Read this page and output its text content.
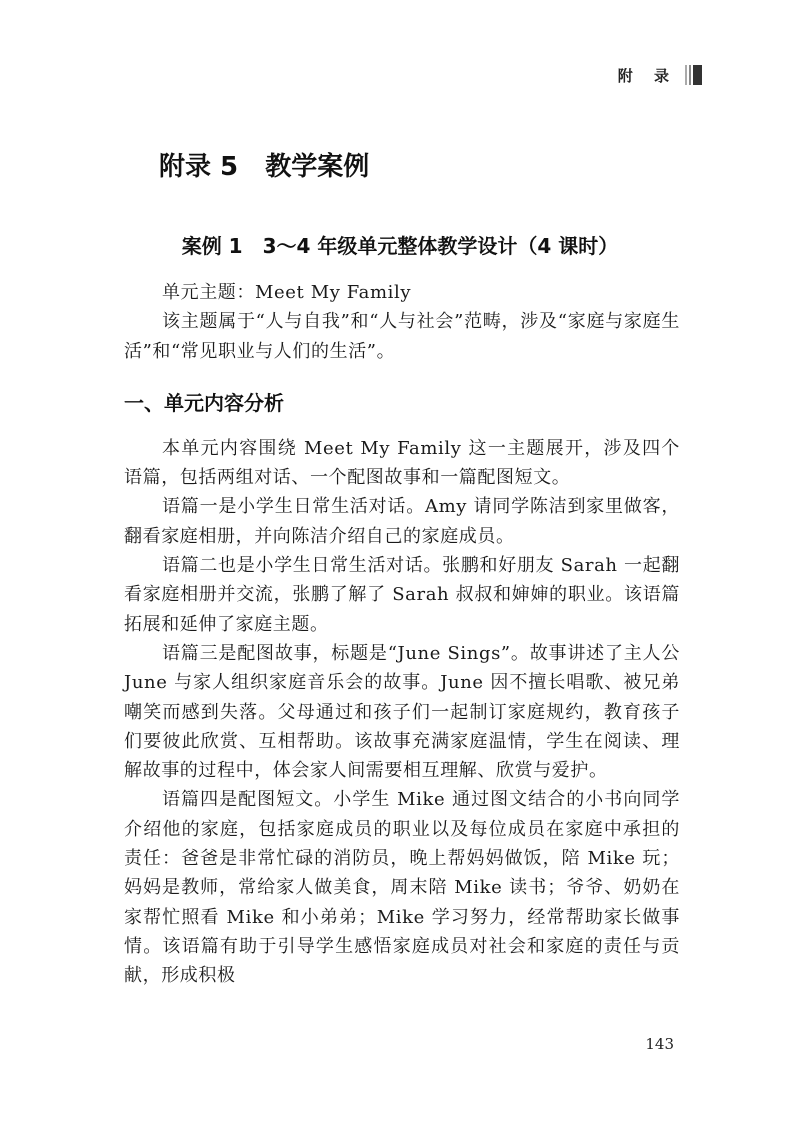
附 录
附录 5   教学案例
案例 1　3～4 年级单元整体教学设计（4 课时）

单元主题：Meet My Family

该主题属于“人与自我”和“人与社会”范畴，涉及“家庭与家庭生活”和“常见职业与人们的生活”。

一、单元内容分析

本单元内容围绕 Meet My Family 这一主题展开，涉及四个语篇，包括两组对话、一个配图故事和一篇配图短文。

语篇一是小学生日常生活对话。Amy 请同学陈洁到家里做客，翻看家庭相册，并向陈洁介绍自己的家庭成员。

语篇二也是小学生日常生活对话。张鹏和好朋友 Sarah 一起翻看家庭相册并交流，张鹏了解了 Sarah 叔叔和婶婶的职业。该语篇拓展和延伸了家庭主题。

语篇三是配图故事，标题是“June Sings”。故事讲述了主人公 June 与家人组织家庭音乐会的故事。June 因不擅长唱歌、被兄弟嘲笑而感到失落。父母通过和孩子们一起制订家庭规约，教育孩子们要彼此欣赏、互相帮助。该故事充满家庭温情，学生在阅读、理解故事的过程中，体会家人间需要相互理解、欣赏与爱护。

语篇四是配图短文。小学生 Mike 通过图文结合的小书向同学介绍他的家庭，包括家庭成员的职业以及每位成员在家庭中承担的责任：爸爸是非常忙碌的消防员，晚上帮妈妈做饭，陪 Mike 玩；妈妈是教师，常给家人做美食，周末陪 Mike 读书；爷爷、奶奶在家帮忙照看 Mike 和小弟弟；Mike 学习努力，经常帮助家长做事情。该语篇有助于引导学生感悟家庭成员对社会和家庭的责任与贡献，形成积极

143
